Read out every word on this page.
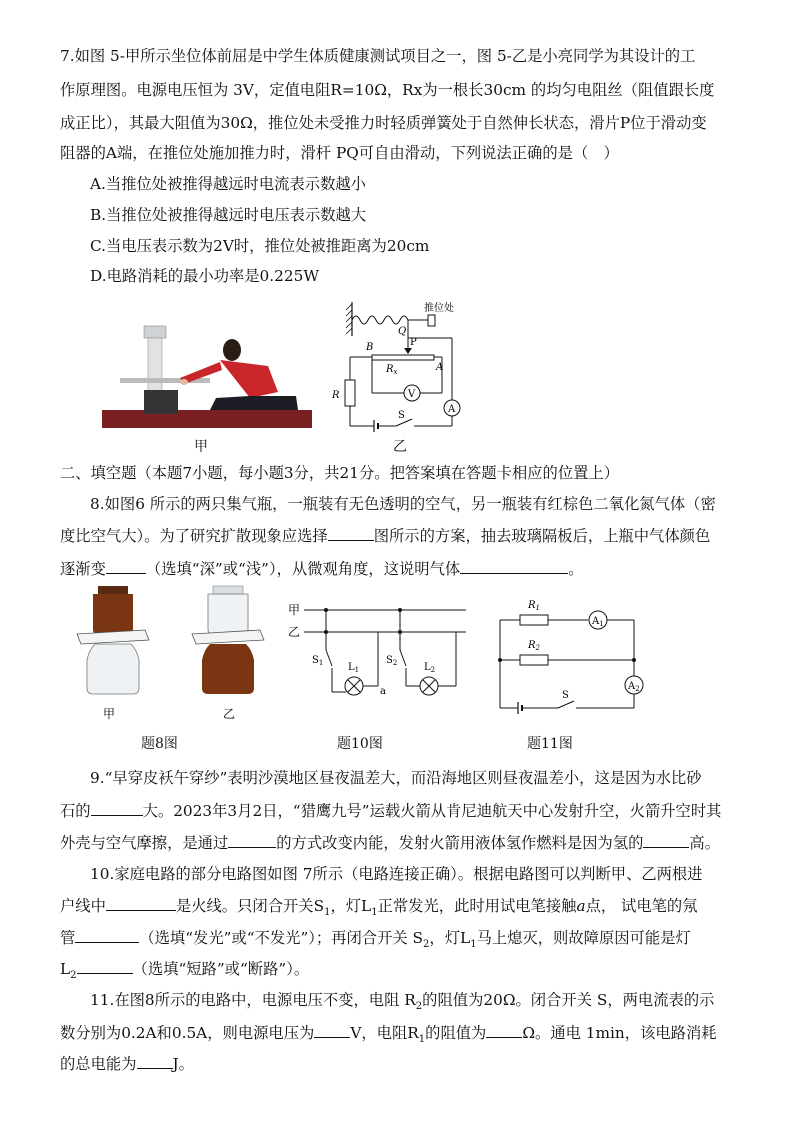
7.如图 5-甲所示坐位体前屈是中学生体质健康测试项目之一，图 5-乙是小亮同学为其设计的工
作原理图。电源电压恒为 3V，定值电阻R=10Ω，Rx为一根长30cm 的均匀电阻丝（阻值跟长度
成正比），其最大阻值为30Ω，推位处未受推力时轻质弹簧处于自然伸长状态，滑片P位于滑动变
阻器的A端，在推位处施加推力时，滑杆 PQ可自由滑动，下列说法正确的是（　）
A.当推位处被推得越远时电流表示数越小
B.当推位处被推得越远时电压表示数越大
C.当电压表示数为2V时，推位处被推距离为20cm
D.电路消耗的最小功率是0.225W
甲
推位处
Q
P
B
A
$R_x$
R
S
A
V
乙
二、填空题（本题7小题，每小题3分，共21分。把答案填在答题卡相应的位置上）
8.如图6 所示的两只集气瓶，一瓶装有无色透明的空气，另一瓶装有红棕色二氧化氮气体（密
度比空气大）。为了研究扩散现象应选择	图所示的方案，抽去玻璃隔板后，上瓶中气体颜色
逐渐变	（选填“深”或“浅”），从微观角度，这说明气体	。
甲	乙
甲
乙
$S_1$ $L_1$
a
$S_2$	$L_2$
$R_1$
$A_1$
$R_2$
$A_2$
S
题8图	题10图	题11图
9.“早穿皮袄午穿纱”表明沙漠地区昼夜温差大，而沿海地区则昼夜温差小，这是因为水比砂
石的	大。2023年3月2日，“猎鹰九号”运载火箭从肯尼迪航天中心发射升空，火箭升空时其
外壳与空气摩擦，是通过	的方式改变内能，发射火箭用液体氢作燃料是因为氢的	高。
10.家庭电路的部分电路图如图 7所示（电路连接正确）。根据电路图可以判断甲、乙两根进
户线中	是火线。只闭合开关$S_1$，灯$L_1$正常发光，此时用试电笔接触a点， 试电笔的氖
管	（选填“发光”或“不发光”）；再闭合开关 $S_2$，灯$L_1$马上熄灭，则故障原因可能是灯
$L_2$	（选填“短路”或“断路”）。
11.在图8所示的电路中，电源电压不变，电阻 $R_2$的阻值为20Ω。闭合开关 S，两电流表的示
数分别为0.2A和0.5A，则电源电压为 V，电阻$R_1$的阻值为 Ω。通电 1min，该电路消耗
的总电能为 J。
